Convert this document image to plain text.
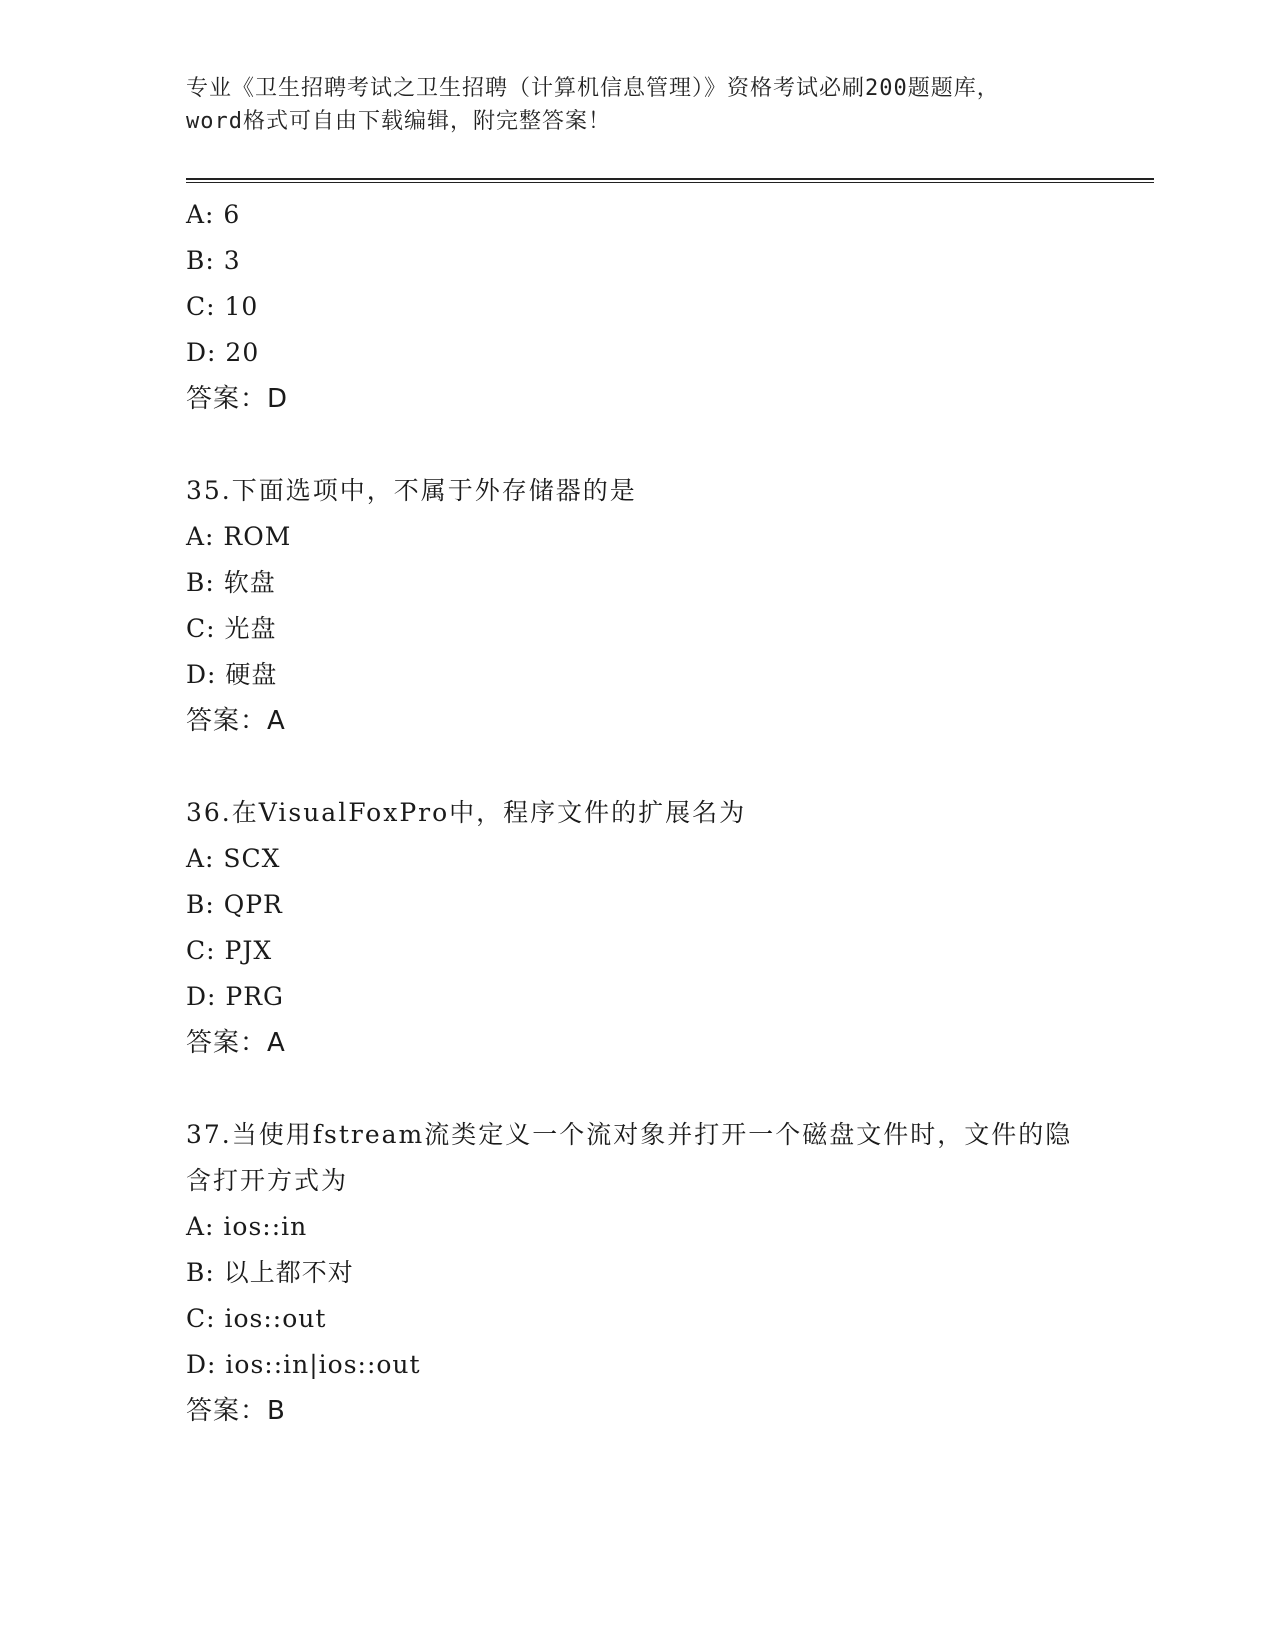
专业《卫生招聘考试之卫生招聘（计算机信息管理）》资格考试必刷200题题库，
word格式可自由下载编辑，附完整答案！
A: 6
B: 3
C: 10
D: 20
答案：D
35.下面选项中，不属于外存储器的是
A: ROM
B: 软盘
C: 光盘
D: 硬盘
答案：A
36.在VisualFoxPro中，程序文件的扩展名为
A: SCX
B: QPR
C: PJX
D: PRG
答案：A
37.当使用fstream流类定义一个流对象并打开一个磁盘文件时，文件的隐含打开方式为
A: ios::in
B: 以上都不对
C: ios::out
D: ios::in|ios::out
答案：B
